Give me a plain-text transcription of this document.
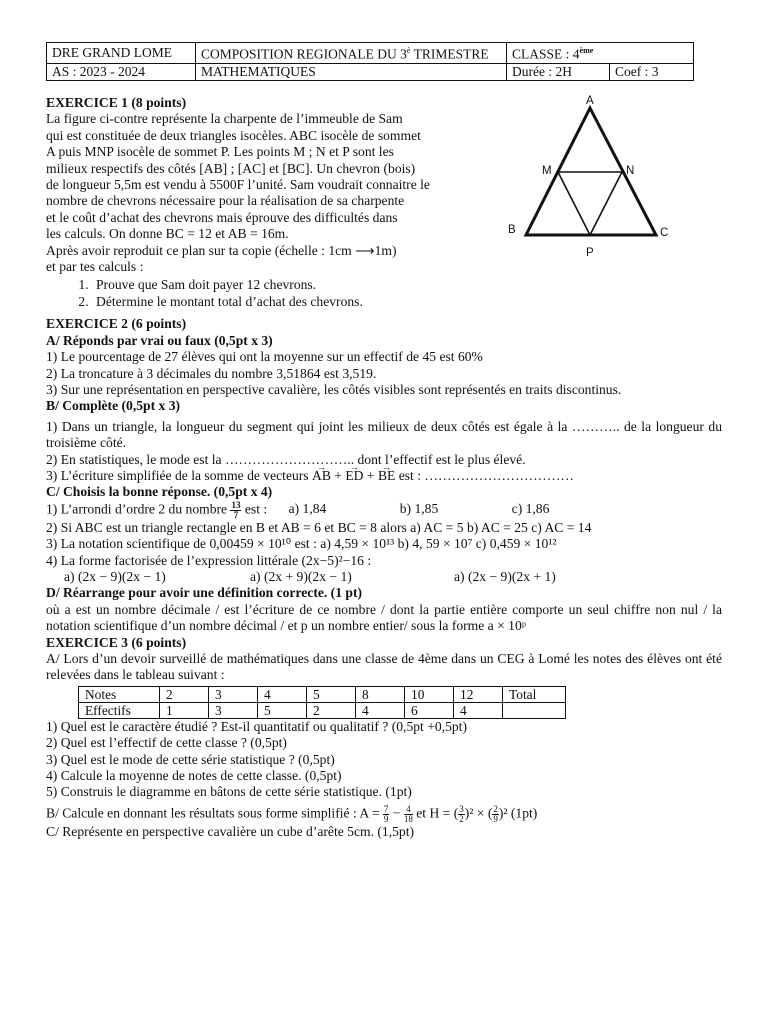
DRE GRAND LOME	COMPOSITION REGIONALE DU $3^è$ TRIMESTRE	CLASSE : 4ème
AS : 2023 - 2024	MATHEMATIQUES	Durée : 2H	Coef : 3
A
B	C
M	N
P
EXERCICE 1 (8 points)
La figure ci-contre représente la charpente de l’immeuble de Sam
qui est constituée de deux triangles isocèles. ABC isocèle de sommet
A puis MNP isocèle de sommet P. Les points M ; N et P sont les
milieux respectifs des côtés [AB] ; [AC] et [BC]. Un chevron (bois)
de longueur 5,5m est vendu à 5500F l’unité. Sam voudrait connaitre le
nombre de chevrons nécessaire pour la réalisation de sa charpente
et le coût d’achat des chevrons mais éprouve des difficultés dans
les calculs. On donne BC = 12 et AB = 16m.
Après avoir reproduit ce plan sur ta copie (échelle : 1cm ⟶1m)
et par tes calculs :
1. Prouve que Sam doit payer 12 chevrons.
2. Détermine le montant total d’achat des chevrons.
EXERCICE 2 (6 points)
A/ Réponds par vrai ou faux (0,5pt x 3)
1) Le pourcentage de 27 élèves qui ont la moyenne sur un effectif de 45 est 60%
2) La troncature à 3 décimales du nombre 3,51864 est 3,519.
3) Sur une représentation en perspective cavalière, les côtés visibles sont représentés en traits discontinus.
B/ Complète (0,5pt x 3)
1) Dans un triangle, la longueur du segment qui joint les milieux de deux côtés est égale à la ……….. de la longueur du troisième côté.
2) En statistiques, le mode est la ……………………….. dont l’effectif est le plus élevé.
3) L’écriture simplifiée de la somme de vecteurs → AB + → ED + → BE est : ……………………………
C/ Choisis la bonne réponse. (0,5pt x 4)
1) L’arrondi d’ordre 2 du nombre $\frac{13}{7}$ est : a) 1,84	b) 1,85	c) 1,86
2) Si ABC est un triangle rectangle en B et AB = 6 et BC = 8 alors a) AC = 5 b) AC = 25 c) AC = 14
3) La notation scientifique de 0,00459 × 10¹⁰ est : a) 4,59 × 10¹³ b) 4, 59 × 10⁷ c) 0,459 × 10¹²
4) La forme factorisée de l’expression littérale (2x−5)²−16 :
a) (2x − 9)(2x − 1)	a) (2x + 9)(2x − 1)	a) (2x − 9)(2x + 1)
D/ Réarrange pour avoir une définition correcte. (1 pt)
où a est un nombre décimale / est l’écriture de ce nombre / dont la partie entière comporte un seul chiffre non nul / la notation scientifique d’un nombre décimal / et p un nombre entier/ sous la forme a × 10ᵖ
EXERCICE 3 (6 points)
A/ Lors d’un devoir surveillé de mathématiques dans une classe de 4ème dans un CEG à Lomé les notes des élèves ont été relevées dans le tableau suivant :
Notes	2	3	4	5	8	10	12	Total
Effectifs	1	3	5	2	4	6	4	
1) Quel est le caractère étudié ? Est-il quantitatif ou qualitatif ? (0,5pt +0,5pt)
2) Quel est l’effectif de cette classe ? (0,5pt)
3) Quel est le mode de cette série statistique ? (0,5pt)
4) Calcule la moyenne de notes de cette classe. (0,5pt)
5) Construis le diagramme en bâtons de cette série statistique. (1pt)
B/ Calcule en donnant les résultats sous forme simplifié : $A = \frac{7}{9} - \frac{4}{18}$ et H = ( $\frac{3}{2} )^2$ × ( $\frac{2}{9} )^2$ (1pt)
C/ Représente en perspective cavalière un cube d’arête 5cm. (1,5pt)
